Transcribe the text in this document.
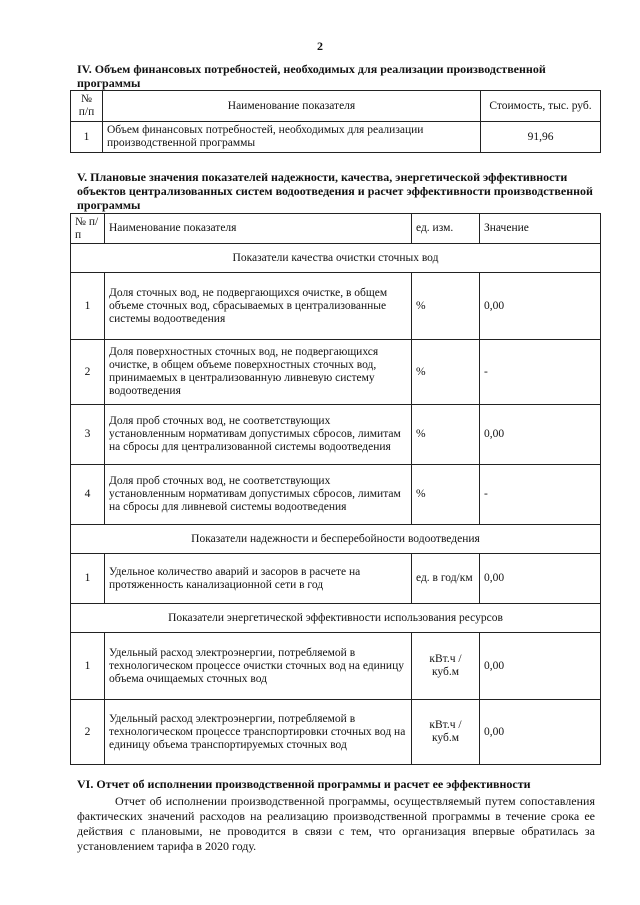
2
IV. Объем финансовых потребностей, необходимых для реализации производственной программы
№ п/п	Наименование показателя	Стоимость, тыс. руб.
1	Объем финансовых потребностей, необходимых для реализации производственной программы	91,96
V. Плановые значения показателей надежности, качества, энергетической эффективности объектов централизованных систем водоотведения и расчет эффективности производственной программы
№ п/п	Наименование показателя	ед. изм.	Значение
Показатели качества очистки сточных вод			
1	Доля сточных вод, не подвергающихся очистке, в общем объеме сточных вод, сбрасываемых в централизованные системы водоотведения	%	0,00
2	Доля поверхностных сточных вод, не подвергающихся очистке, в общем объеме поверхностных сточных вод, принимаемых в централизованную ливневую систему водоотведения	%	-
3	Доля проб сточных вод, не соответствующих установленным нормативам допустимых сбросов, лимитам на сбросы для централизованной системы водоотведения	%	0,00
4	Доля проб сточных вод, не соответствующих установленным нормативам допустимых сбросов, лимитам на сбросы для ливневой системы водоотведения	%	-
Показатели надежности и бесперебойности водоотведения			
1	Удельное количество аварий и засоров в расчете на протяженность канализационной сети в год	ед. в год/км	0,00
Показатели энергетической эффективности использования ресурсов			
1	Удельный расход электроэнергии, потребляемой в технологическом процессе очистки сточных вод на единицу объема очищаемых сточных вод	кВт.ч / куб.м	0,00
2	Удельный расход электроэнергии, потребляемой в технологическом процессе транспортировки сточных вод на единицу объема транспортируемых сточных вод	кВт.ч / куб.м	0,00
VI. Отчет об исполнении производственной программы и расчет ее эффективности

Отчет об исполнении производственной программы, осуществляемый путем сопоставления фактических значений расходов на реализацию производственной программы в течение срока ее действия с плановыми, не проводится в связи с тем, что организация впервые обратилась за установлением тарифа в 2020 году.
